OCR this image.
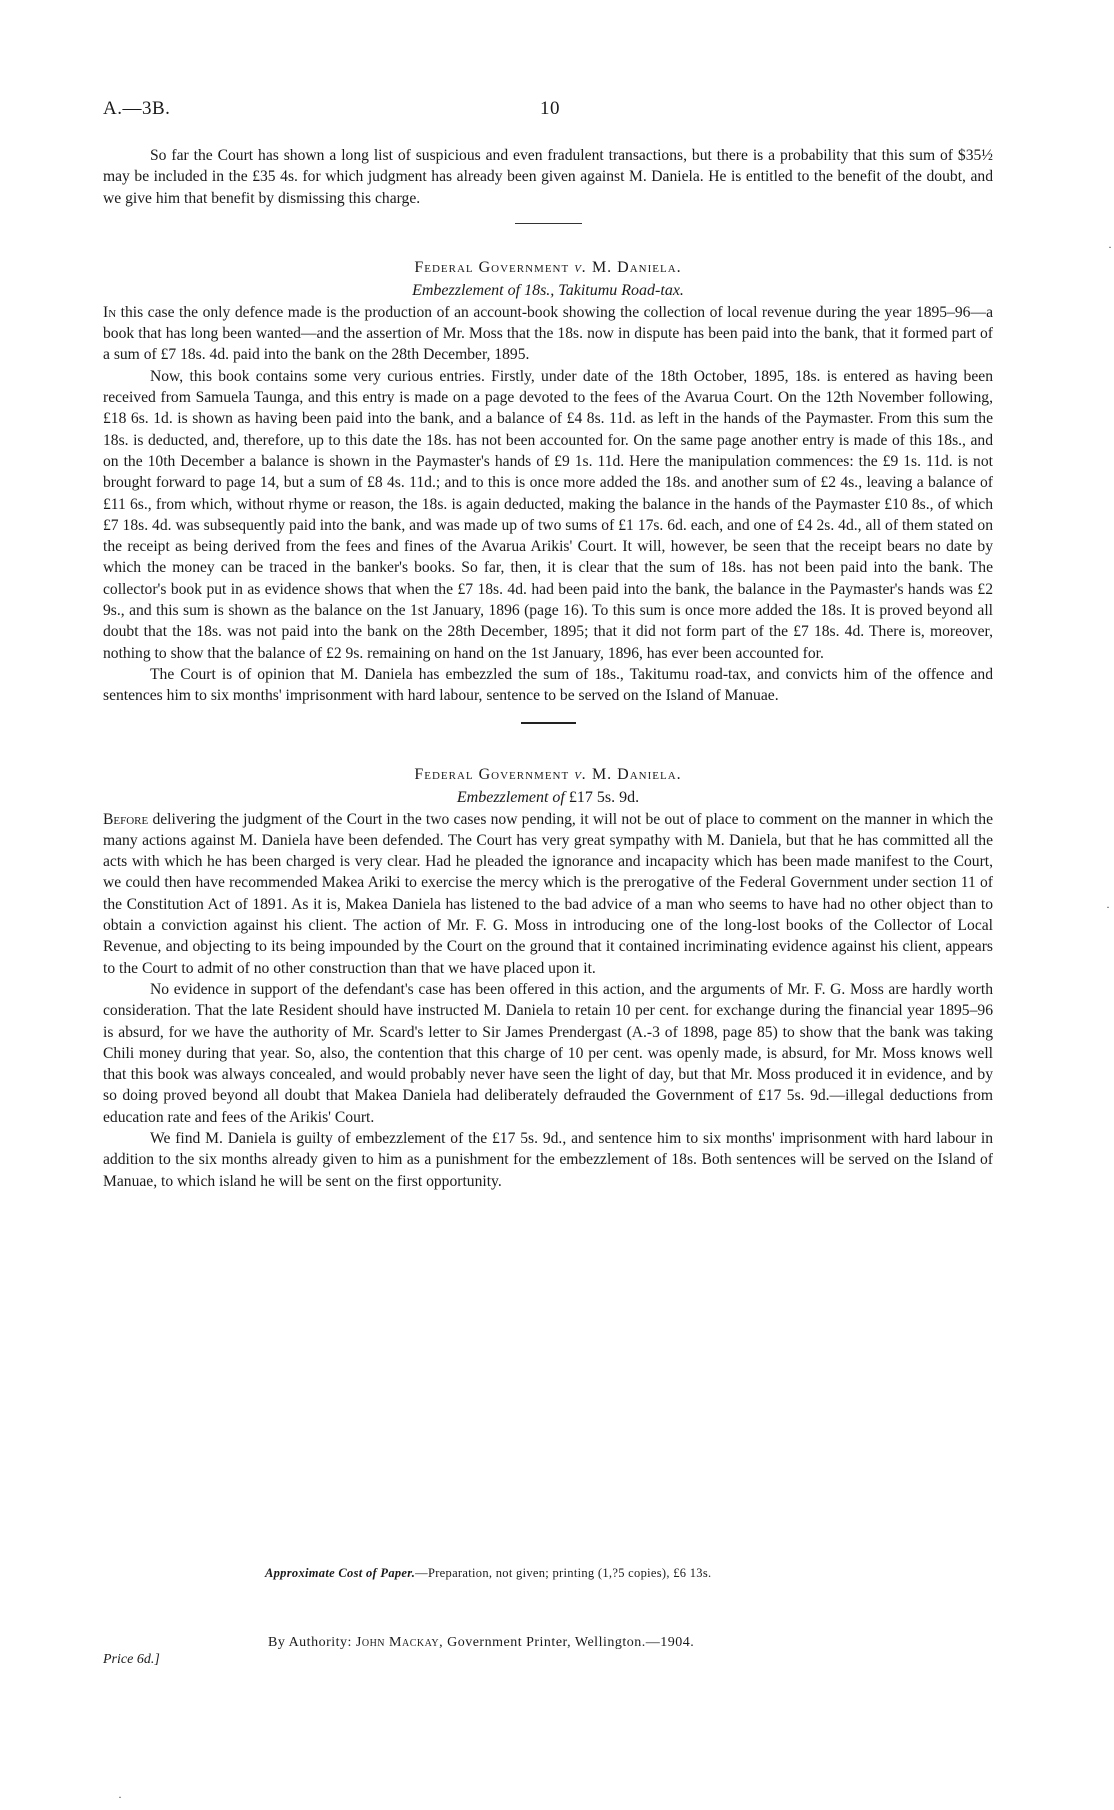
A.—3B.	10

So far the Court has shown a long list of suspicious and even fradulent transactions, but there is a probability that this sum of $35½ may be included in the £35 4s. for which judgment has already been given against M. Daniela. He is entitled to the benefit of the doubt, and we give him that benefit by dismissing this charge.

Federal Government v. M. Daniela.
Embezzlement of 18s., Takitumu Road-tax.

In this case the only defence made is the production of an account-book showing the collection of local revenue during the year 1895–96—a book that has long been wanted—and the assertion of Mr. Moss that the 18s. now in dispute has been paid into the bank, that it formed part of a sum of £7 18s. 4d. paid into the bank on the 28th December, 1895.

Now, this book contains some very curious entries. Firstly, under date of the 18th October, 1895, 18s. is entered as having been received from Samuela Taunga, and this entry is made on a page devoted to the fees of the Avarua Court. On the 12th November following, £18 6s. 1d. is shown as having been paid into the bank, and a balance of £4 8s. 11d. as left in the hands of the Paymaster. From this sum the 18s. is deducted, and, therefore, up to this date the 18s. has not been accounted for. On the same page another entry is made of this 18s., and on the 10th December a balance is shown in the Paymaster's hands of £9 1s. 11d. Here the manipulation commences: the £9 1s. 11d. is not brought forward to page 14, but a sum of £8 4s. 11d.; and to this is once more added the 18s. and another sum of £2 4s., leaving a balance of £11 6s., from which, without rhyme or reason, the 18s. is again deducted, making the balance in the hands of the Paymaster £10 8s., of which £7 18s. 4d. was subsequently paid into the bank, and was made up of two sums of £1 17s. 6d. each, and one of £4 2s. 4d., all of them stated on the receipt as being derived from the fees and fines of the Avarua Arikis' Court. It will, however, be seen that the receipt bears no date by which the money can be traced in the banker's books. So far, then, it is clear that the sum of 18s. has not been paid into the bank. The collector's book put in as evidence shows that when the £7 18s. 4d. had been paid into the bank, the balance in the Paymaster's hands was £2 9s., and this sum is shown as the balance on the 1st January, 1896 (page 16). To this sum is once more added the 18s. It is proved beyond all doubt that the 18s. was not paid into the bank on the 28th December, 1895; that it did not form part of the £7 18s. 4d. There is, moreover, nothing to show that the balance of £2 9s. remaining on hand on the 1st January, 1896, has ever been accounted for.

The Court is of opinion that M. Daniela has embezzled the sum of 18s., Takitumu road-tax, and convicts him of the offence and sentences him to six months' imprisonment with hard labour, sentence to be served on the Island of Manuae.

Federal Government v. M. Daniela.
Embezzlement of £17 5s. 9d.

Before delivering the judgment of the Court in the two cases now pending, it will not be out of place to comment on the manner in which the many actions against M. Daniela have been defended. The Court has very great sympathy with M. Daniela, but that he has committed all the acts with which he has been charged is very clear. Had he pleaded the ignorance and incapacity which has been made manifest to the Court, we could then have recommended Makea Ariki to exercise the mercy which is the prerogative of the Federal Government under section 11 of the Constitution Act of 1891. As it is, Makea Daniela has listened to the bad advice of a man who seems to have had no other object than to obtain a conviction against his client. The action of Mr. F. G. Moss in introducing one of the long-lost books of the Collector of Local Revenue, and objecting to its being impounded by the Court on the ground that it contained incriminating evidence against his client, appears to the Court to admit of no other construction than that we have placed upon it.

No evidence in support of the defendant's case has been offered in this action, and the arguments of Mr. F. G. Moss are hardly worth consideration. That the late Resident should have instructed M. Daniela to retain 10 per cent. for exchange during the financial year 1895–96 is absurd, for we have the authority of Mr. Scard's letter to Sir James Prendergast (A.-3 of 1898, page 85) to show that the bank was taking Chili money during that year. So, also, the contention that this charge of 10 per cent. was openly made, is absurd, for Mr. Moss knows well that this book was always concealed, and would probably never have seen the light of day, but that Mr. Moss produced it in evidence, and by so doing proved beyond all doubt that Makea Daniela had deliberately defrauded the Government of £17 5s. 9d.—illegal deductions from education rate and fees of the Arikis' Court.

We find M. Daniela is guilty of embezzlement of the £17 5s. 9d., and sentence him to six months' imprisonment with hard labour in addition to the six months already given to him as a punishment for the embezzlement of 18s. Both sentences will be served on the Island of Manuae, to which island he will be sent on the first opportunity.

Approximate Cost of Paper.—Preparation, not given; printing (1,?5 copies), £6 13s.
By Authority: John Mackay, Government Printer, Wellington.—1904.
Price 6d.]
·
·
·
